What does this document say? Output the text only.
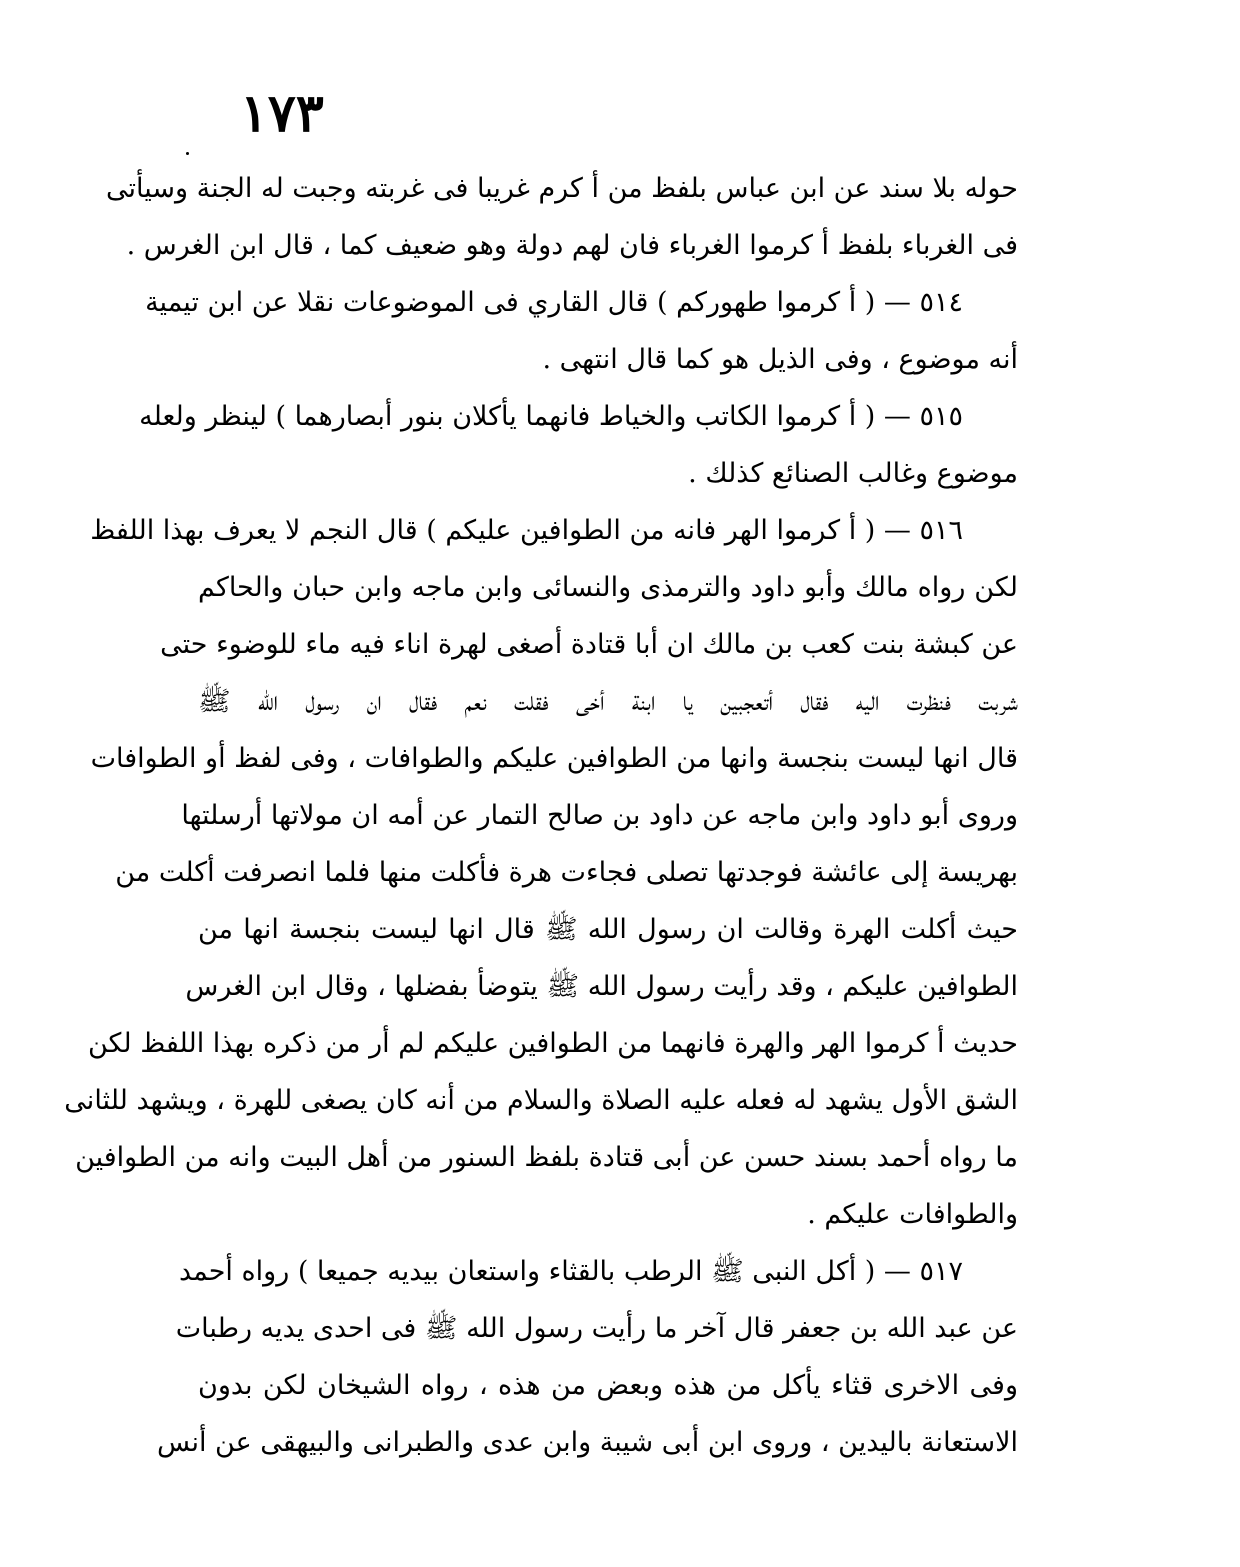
١٧٣
حوله بلا سند عن ابن عباس بلفظ من أ كرم غريبا فى غربته وجبت له الجنة وسيأتى
فى الغرباء بلفظ أ كرموا الغرباء فان لهم دولة وهو ضعيف كما ، قال ابن الغرس .
٥١٤ — ( أ كرموا طهوركم ) قال القاري فى الموضوعات نقلا عن ابن تيمية
أنه موضوع ، وفى الذيل هو كما قال انتهى .
٥١٥ — ( أ كرموا الكاتب والخياط فانهما يأكلان بنور أبصارهما ) لينظر ولعله
موضوع وغالب الصنائع كذلك .
٥١٦ — ( أ كرموا الهر فانه من الطوافين عليكم ) قال النجم لا يعرف بهذا اللفظ
لكن رواه مالك وأبو داود والترمذى والنسائى وابن ماجه وابن حبان والحاكم
عن كبشة بنت كعب بن مالك ان أبا قتادة أصغى لهرة اناء فيه ماء للوضوء حتى
شربت فنظرت اليه فقال أتعجبين يا ابنة أخى فقلت نعم فقال ان رسول الله ﷺ
قال انها ليست بنجسة وانها من الطوافين عليكم والطوافات ، وفى لفظ أو الطوافات
وروى أبو داود وابن ماجه عن داود بن صالح التمار عن أمه ان مولاتها أرسلتها
بهريسة إلى عائشة فوجدتها تصلى فجاءت هرة فأكلت منها فلما انصرفت أكلت من
حيث أكلت الهرة وقالت ان رسول الله ﷺ قال انها ليست بنجسة انها من
الطوافين عليكم ، وقد رأيت رسول الله ﷺ يتوضأ بفضلها ، وقال ابن الغرس
حديث أ كرموا الهر والهرة فانهما من الطوافين عليكم لم أر من ذكره بهذا اللفظ لكن
الشق الأول يشهد له فعله عليه الصلاة والسلام من أنه كان يصغى للهرة ، ويشهد للثانى
ما رواه أحمد بسند حسن عن أبى قتادة بلفظ السنور من أهل البيت وانه من الطوافين
والطوافات عليكم .
٥١٧ — ( أكل النبى ﷺ الرطب بالقثاء واستعان بيديه جميعا ) رواه أحمد
عن عبد الله بن جعفر قال آخر ما رأيت رسول الله ﷺ فى احدى يديه رطبات
وفى الاخرى قثاء يأكل من هذه وبعض من هذه ، رواه الشيخان لكن بدون
الاستعانة باليدين ، وروى ابن أبى شيبة وابن عدى والطبرانى والبيهقى عن أنس
